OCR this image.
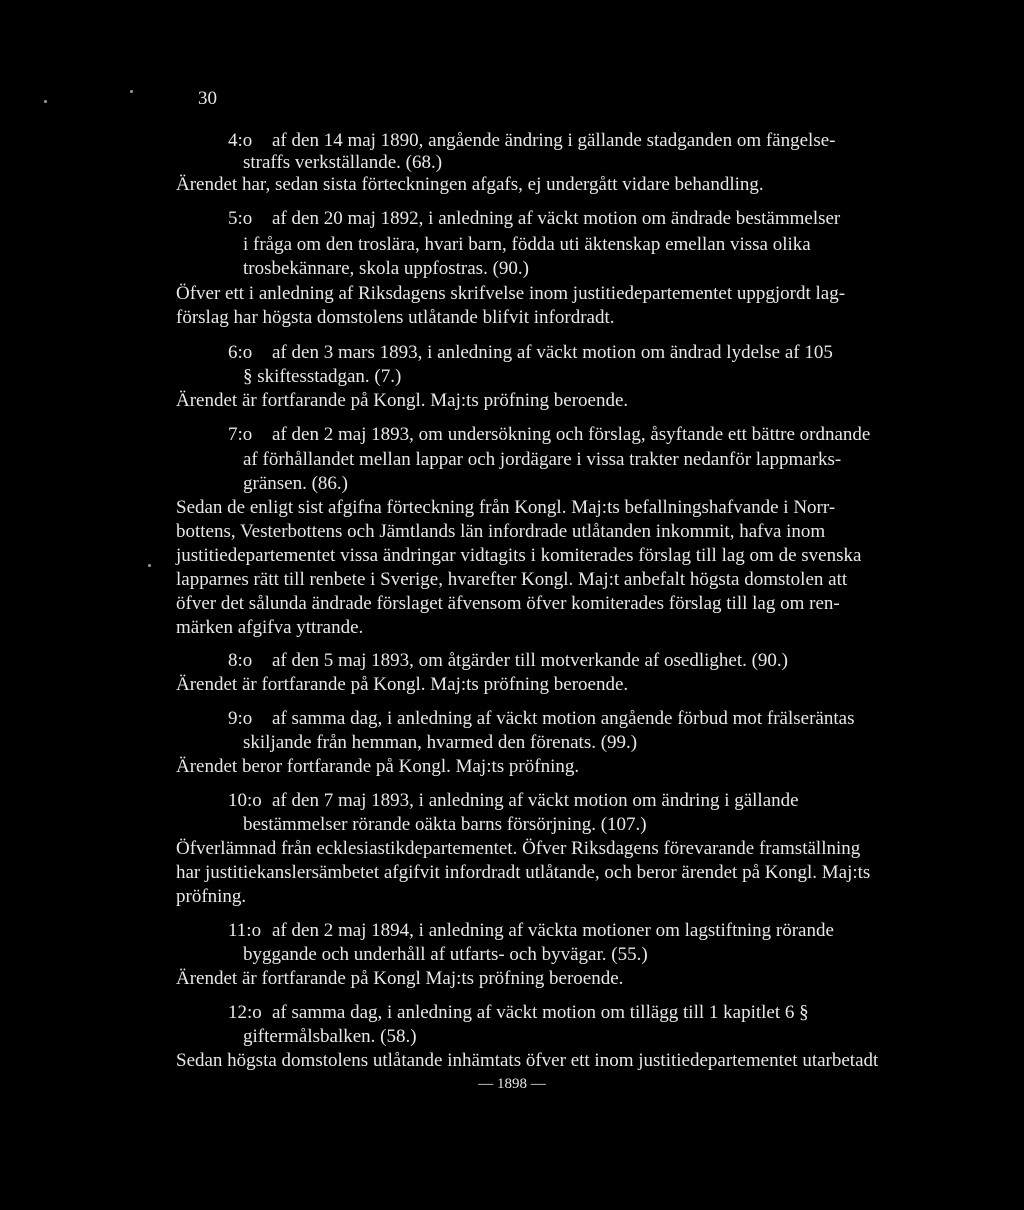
30
4:o af den 14 maj 1890, angående ändring i gällande stadganden om fängelse-
straffs verkställande. (68.)
Ärendet har, sedan sista förteckningen afgafs, ej undergått vidare behandling.
5:o af den 20 maj 1892, i anledning af väckt motion om ändrade bestämmelser
i fråga om den troslära, hvari barn, födda uti äktenskap emellan vissa olika
trosbekännare, skola uppfostras. (90.)
Öfver ett i anledning af Riksdagens skrifvelse inom justitiedepartementet uppgjordt lag-
förslag har högsta domstolens utlåtande blifvit infordradt.
6:o af den 3 mars 1893, i anledning af väckt motion om ändrad lydelse af 105
§ skiftesstadgan. (7.)
Ärendet är fortfarande på Kongl. Maj:ts pröfning beroende.
7:o af den 2 maj 1893, om undersökning och förslag, åsyftande ett bättre ordnande
af förhållandet mellan lappar och jordägare i vissa trakter nedanför lappmarks-
gränsen. (86.)
Sedan de enligt sist afgifna förteckning från Kongl. Maj:ts befallningshafvande i Norr-
bottens, Vesterbottens och Jämtlands län infordrade utlåtanden inkommit, hafva inom
justitiedepartementet vissa ändringar vidtagits i komiterades förslag till lag om de svenska
lapparnes rätt till renbete i Sverige, hvarefter Kongl. Maj:t anbefalt högsta domstolen att
öfver det sålunda ändrade förslaget äfvensom öfver komiterades förslag till lag om ren-
märken afgifva yttrande.
8:o af den 5 maj 1893, om åtgärder till motverkande af osedlighet. (90.)
Ärendet är fortfarande på Kongl. Maj:ts pröfning beroende.
9:o af samma dag, i anledning af väckt motion angående förbud mot frälseräntas
skiljande från hemman, hvarmed den förenats. (99.)
Ärendet beror fortfarande på Kongl. Maj:ts pröfning.
10:o af den 7 maj 1893, i anledning af väckt motion om ändring i gällande
bestämmelser rörande oäkta barns försörjning. (107.)
Öfverlämnad från ecklesiastikdepartementet. Öfver Riksdagens förevarande framställning
har justitiekanslersämbetet afgifvit infordradt utlåtande, och beror ärendet på Kongl. Maj:ts
pröfning.
11:o af den 2 maj 1894, i anledning af väckta motioner om lagstiftning rörande
byggande och underhåll af utfarts- och byvägar. (55.)
Ärendet är fortfarande på Kongl Maj:ts pröfning beroende.
12:o af samma dag, i anledning af väckt motion om tillägg till 1 kapitlet 6 §
giftermålsbalken. (58.)
Sedan högsta domstolens utlåtande inhämtats öfver ett inom justitiedepartementet utarbetadt
— 1898 —
